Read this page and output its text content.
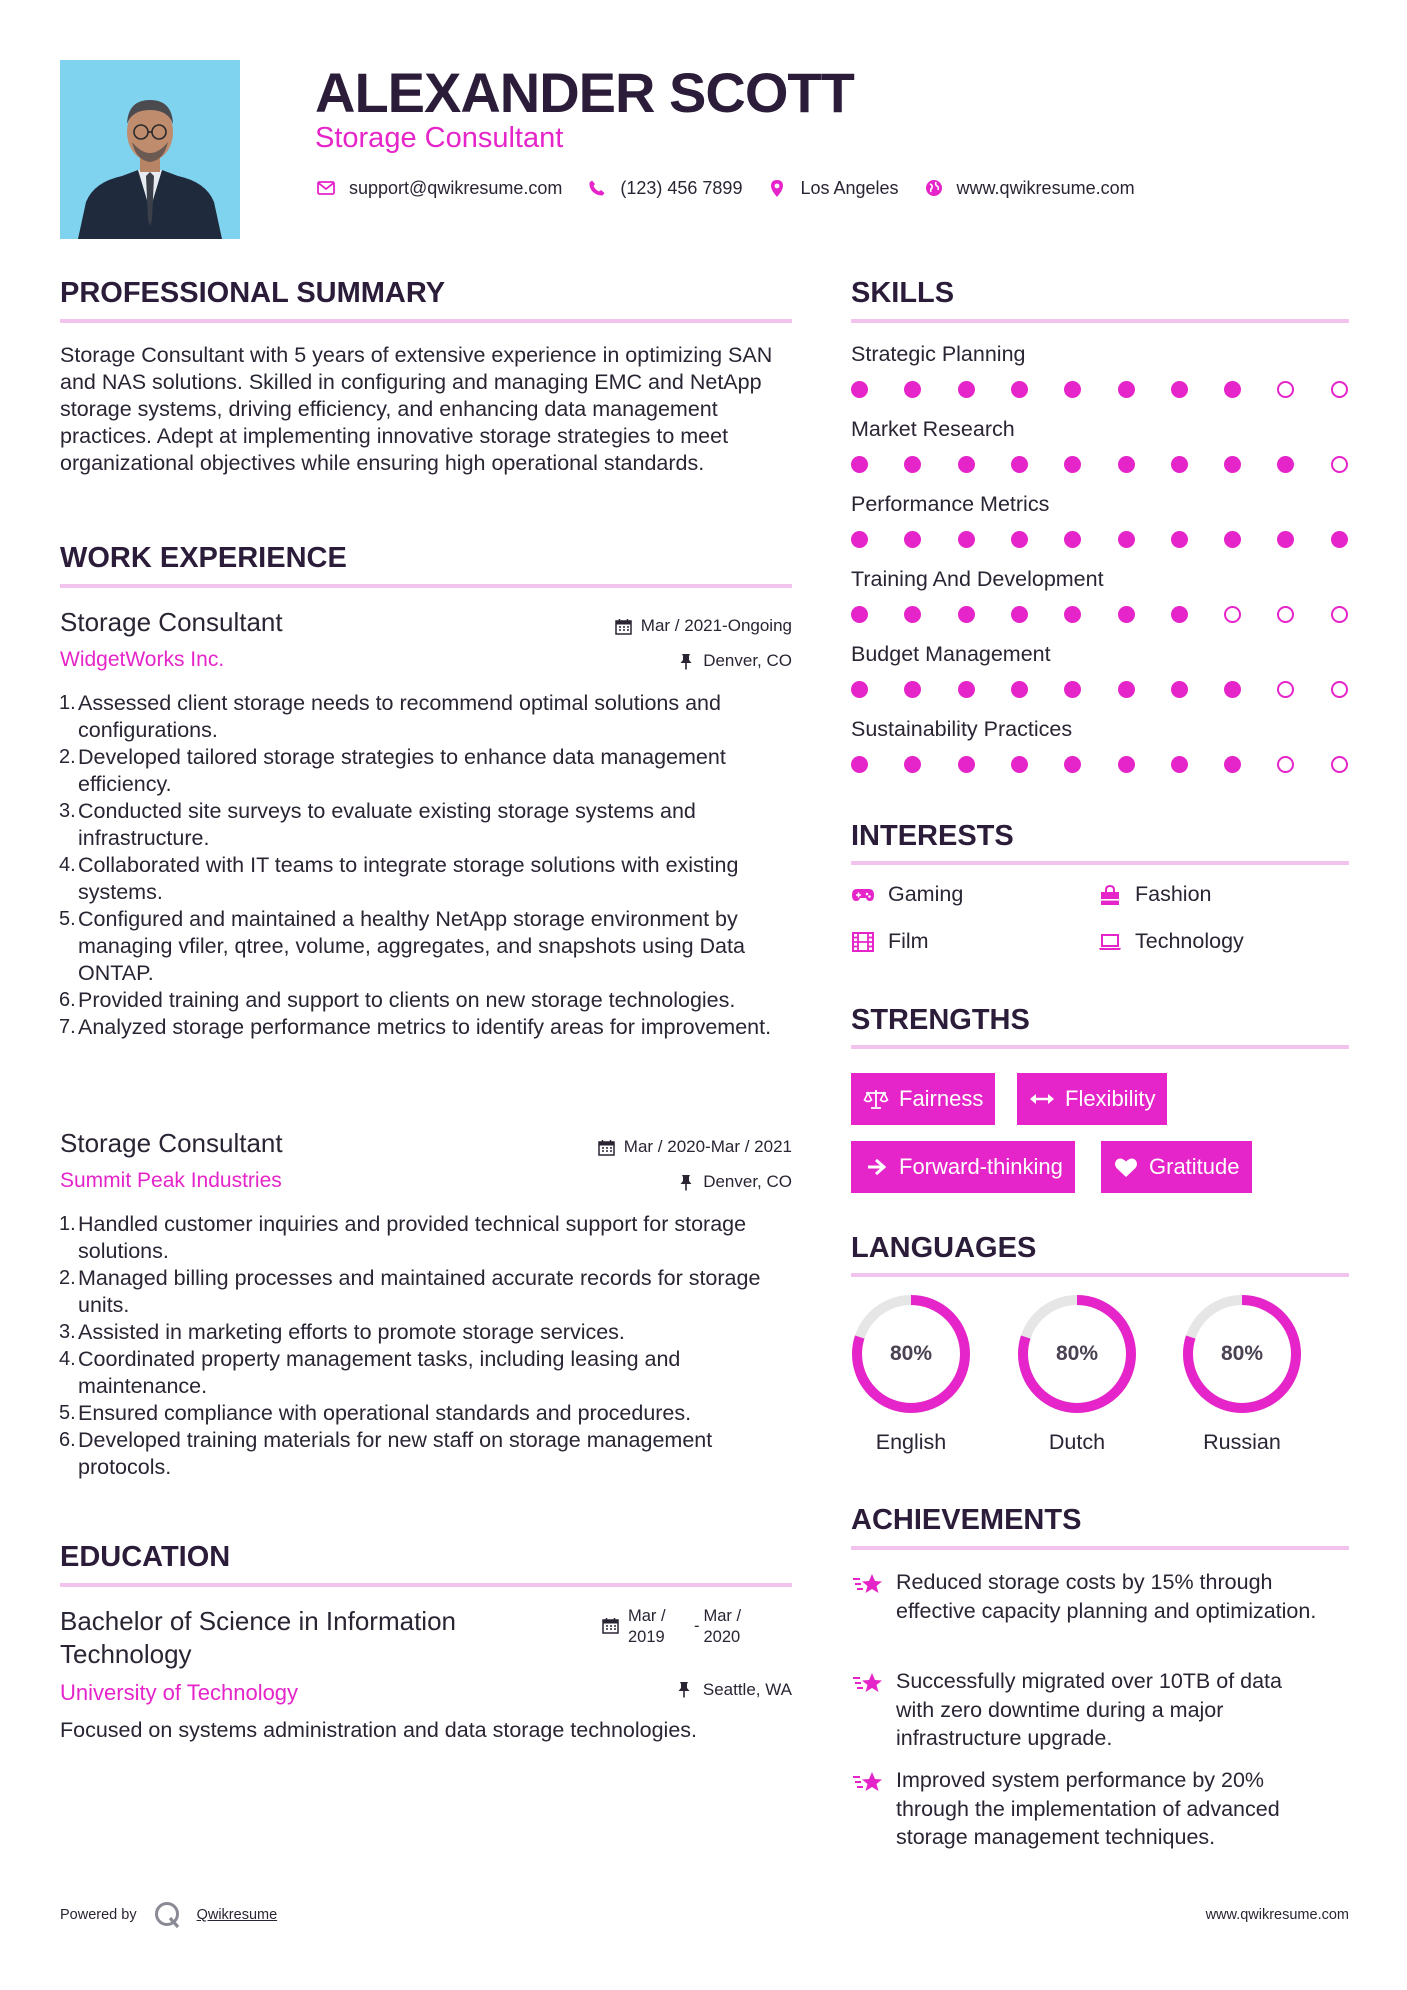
ALEXANDER SCOTT
Storage Consultant
support@qwikresume.com	(123) 456 7899	Los Angeles	www.qwikresume.com
PROFESSIONAL SUMMARY
Storage Consultant with 5 years of extensive experience in optimizing SAN and NAS solutions. Skilled in configuring and managing EMC and NetApp storage systems, driving efficiency, and enhancing data management practices. Adept at implementing innovative storage strategies to meet organizational objectives while ensuring high operational standards.
WORK EXPERIENCE
Storage Consultant	Mar / 2021-Ongoing
WidgetWorks Inc.	Denver, CO
Assessed client storage needs to recommend optimal solutions and configurations.
Developed tailored storage strategies to enhance data management efficiency.
Conducted site surveys to evaluate existing storage systems and infrastructure.
Collaborated with IT teams to integrate storage solutions with existing systems.
Configured and maintained a healthy NetApp storage environment by managing vfiler, qtree, volume, aggregates, and snapshots using Data ONTAP.
Provided training and support to clients on new storage technologies.
Analyzed storage performance metrics to identify areas for improvement.
Storage Consultant	Mar / 2020-Mar / 2021
Summit Peak Industries	Denver, CO
Handled customer inquiries and provided technical support for storage solutions.
Managed billing processes and maintained accurate records for storage units.
Assisted in marketing efforts to promote storage services.
Coordinated property management tasks, including leasing and maintenance.
Ensured compliance with operational standards and procedures.
Developed training materials for new staff on storage management protocols.
EDUCATION
Bachelor of Science in Information Technology
Mar / 2019
-
Mar / 2020
University of Technology	Seattle, WA
Focused on systems administration and data storage technologies.
SKILLS
Strategic Planning
Market Research
Performance Metrics
Training And Development
Budget Management
Sustainability Practices
INTERESTS
Gaming	Fashion
Film	Technology
STRENGTHS
Fairness	Flexibility
Forward-thinking	Gratitude
LANGUAGES
80%
English
80%
Dutch
80%
Russian
ACHIEVEMENTS
Reduced storage costs by 15% through effective capacity planning and optimization.
Successfully migrated over 10TB of data with zero downtime during a major infrastructure upgrade.
Improved system performance by 20% through the implementation of advanced storage management techniques.
Powered by	Qwikresume	www.qwikresume.com
